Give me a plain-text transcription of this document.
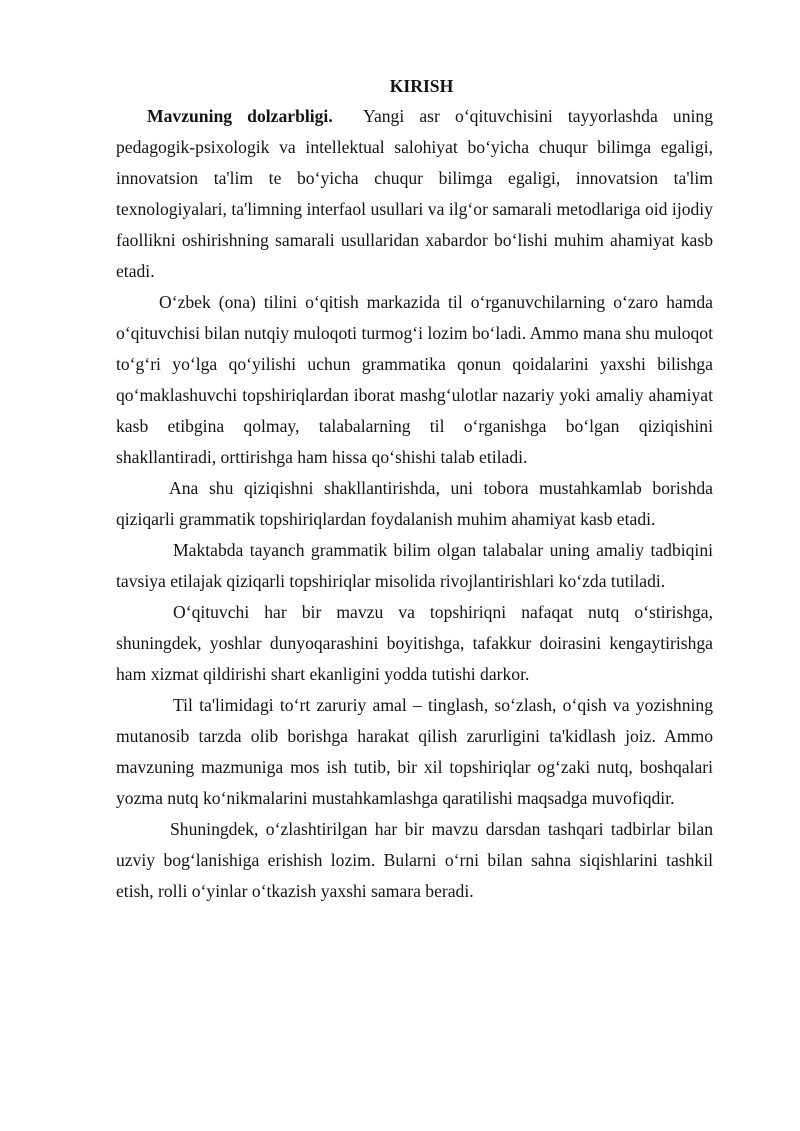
KIRISH

Mavzuning dolzarbligi. Yangi asr o‘qituvchisini tayyorlashda uning pedagogik-psixologik va intellektual salohiyat bo‘yicha chuqur bilimga egaligi, innovatsion ta'lim te bo‘yicha chuqur bilimga egaligi, innovatsion ta'lim texnologiyalari, ta'limning interfaol usullari va ilg‘or samarali metodlariga oid ijodiy faollikni oshirishning samarali usullaridan xabardor bo‘lishi muhim ahamiyat kasb etadi.

O‘zbek (ona) tilini o‘qitish markazida til o‘rganuvchilarning o‘zaro hamda o‘qituvchisi bilan nutqiy muloqoti turmog‘i lozim bo‘ladi. Ammo mana shu muloqot to‘g‘ri yo‘lga qo‘yilishi uchun grammatika qonun qoidalarini yaxshi bilishga qo‘maklashuvchi topshiriqlardan iborat mashg‘ulotlar nazariy yoki amaliy ahamiyat kasb etibgina qolmay, talabalarning til o‘rganishga bo‘lgan qiziqishini shakllantiradi, orttirishga ham hissa qo‘shishi talab etiladi.

Ana shu qiziqishni shakllantirishda, uni tobora mustahkamlab borishda qiziqarli grammatik topshiriqlardan foydalanish muhim ahamiyat kasb etadi.

Maktabda tayanch grammatik bilim olgan talabalar uning amaliy tadbiqini tavsiya etilajak qiziqarli topshiriqlar misolida rivojlantirishlari ko‘zda tutiladi.

O‘qituvchi har bir mavzu va topshiriqni nafaqat nutq o‘stirishga, shuningdek, yoshlar dunyoqarashini boyitishga, tafakkur doirasini kengaytirishga ham xizmat qildirishi shart ekanligini yodda tutishi darkor.

Til ta'limidagi to‘rt zaruriy amal – tinglash, so‘zlash, o‘qish va yozishning mutanosib tarzda olib borishga harakat qilish zarurligini ta'kidlash joiz. Ammo mavzuning mazmuniga mos ish tutib, bir xil topshiriqlar og‘zaki nutq, boshqalari yozma nutq ko‘nikmalarini mustahkamlashga qaratilishi maqsadga muvofiqdir.

Shuningdek, o‘zlashtirilgan har bir mavzu darsdan tashqari tadbirlar bilan uzviy bog‘lanishiga erishish lozim. Bularni o‘rni bilan sahna siqishlarini tashkil etish, rolli o‘yinlar o‘tkazish yaxshi samara beradi.
